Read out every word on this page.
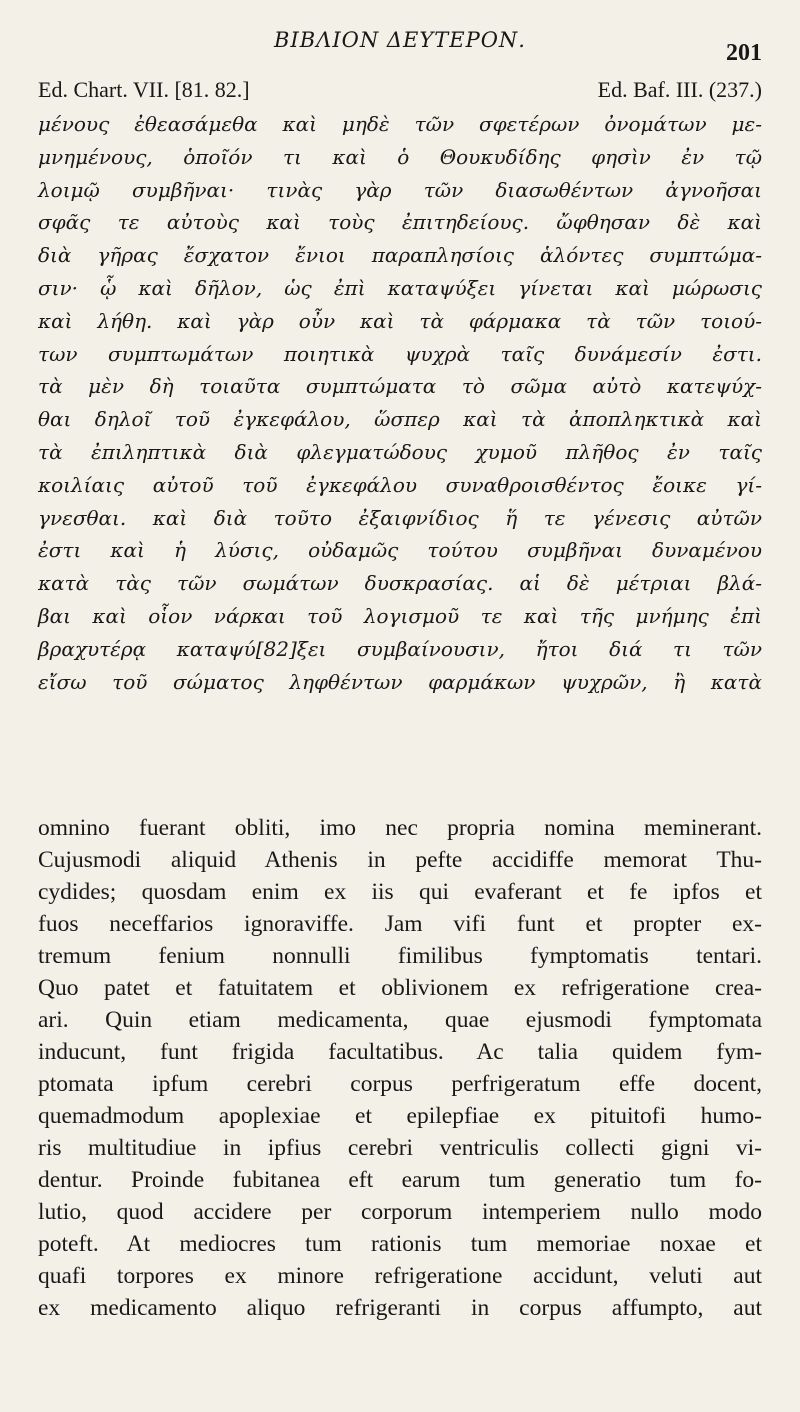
ΒΙΒΛΙΟΝ ΔΕΥΤΕΡΟΝ.	201
Ed. Chart. VII. [81. 82.]	Ed. Baf. III. (237.)
μένους ἐθεασάμεθα καὶ μηδὲ τῶν σφετέρων ὀνομάτων με-
μνημένους, ὁποῖόν τι καὶ ὁ Θουκυδίδης φησὶν ἐν τῷ
λοιμῷ συμβῆναι· τινὰς γὰρ τῶν διασωθέντων ἀγνοῆσαι
σφᾶς τε αὐτοὺς καὶ τοὺς ἐπιτηδείους. ὤφθησαν δὲ καὶ
διὰ γῆρας ἔσχατον ἔνιοι παραπλησίοις ἁλόντες συμπτώμα-
σιν· ᾧ καὶ δῆλον, ὡς ἐπὶ καταψύξει γίνεται καὶ μώρωσις
καὶ λήθη. καὶ γὰρ οὖν καὶ τὰ φάρμακα τὰ τῶν τοιού-
των συμπτωμάτων ποιητικὰ ψυχρὰ ταῖς δυνάμεσίν ἐστι.
τὰ μὲν δὴ τοιαῦτα συμπτώματα τὸ σῶμα αὐτὸ κατεψύχ-
θαι δηλοῖ τοῦ ἐγκεφάλου, ὥσπερ καὶ τὰ ἀποπληκτικὰ καὶ
τὰ ἐπιληπτικὰ διὰ φλεγματώδους χυμοῦ πλῆθος ἐν ταῖς
κοιλίαις αὐτοῦ τοῦ ἐγκεφάλου συναθροισθέντος ἔοικε γί-
γνεσθαι. καὶ διὰ τοῦτο ἐξαιφνίδιος ἥ τε γένεσις αὐτῶν
ἐστι καὶ ἡ λύσις, οὐδαμῶς τούτου συμβῆναι δυναμένου
κατὰ τὰς τῶν σωμάτων δυσκρασίας. αἱ δὲ μέτριαι βλά-
βαι καὶ οἷον νάρκαι τοῦ λογισμοῦ τε καὶ τῆς μνήμης ἐπὶ
βραχυτέρᾳ καταψύ[82]ξει συμβαίνουσιν, ἤτοι διά τι τῶν
εἴσω τοῦ σώματος ληφθέντων φαρμάκων ψυχρῶν, ἢ κατὰ
omnino fuerant obliti, imo nec propria nomina meminerant.
Cujusmodi aliquid Athenis in pefte accidiffe memorat Thu-
cydides; quosdam enim ex iis qui evaferant et fe ipfos et
fuos neceffarios ignoraviffe. Jam vifi funt et propter ex-
tremum fenium nonnulli fimilibus fymptomatis tentari.
Quo patet et fatuitatem et oblivionem ex refrigeratione crea-
ari. Quin etiam medicamenta, quae ejusmodi fymptomata
inducunt, funt frigida facultatibus. Ac talia quidem fym-
ptomata ipfum cerebri corpus perfrigeratum effe docent,
quemadmodum apoplexiae et epilepfiae ex pituitofi humo-
ris multitudiue in ipfius cerebri ventriculis collecti gigni vi-
dentur. Proinde fubitanea eft earum tum generatio tum fo-
lutio, quod accidere per corporum intemperiem nullo modo
poteft. At mediocres tum rationis tum memoriae noxae et
quafi torpores ex minore refrigeratione accidunt, veluti aut
ex medicamento aliquo refrigeranti in corpus affumpto, aut
